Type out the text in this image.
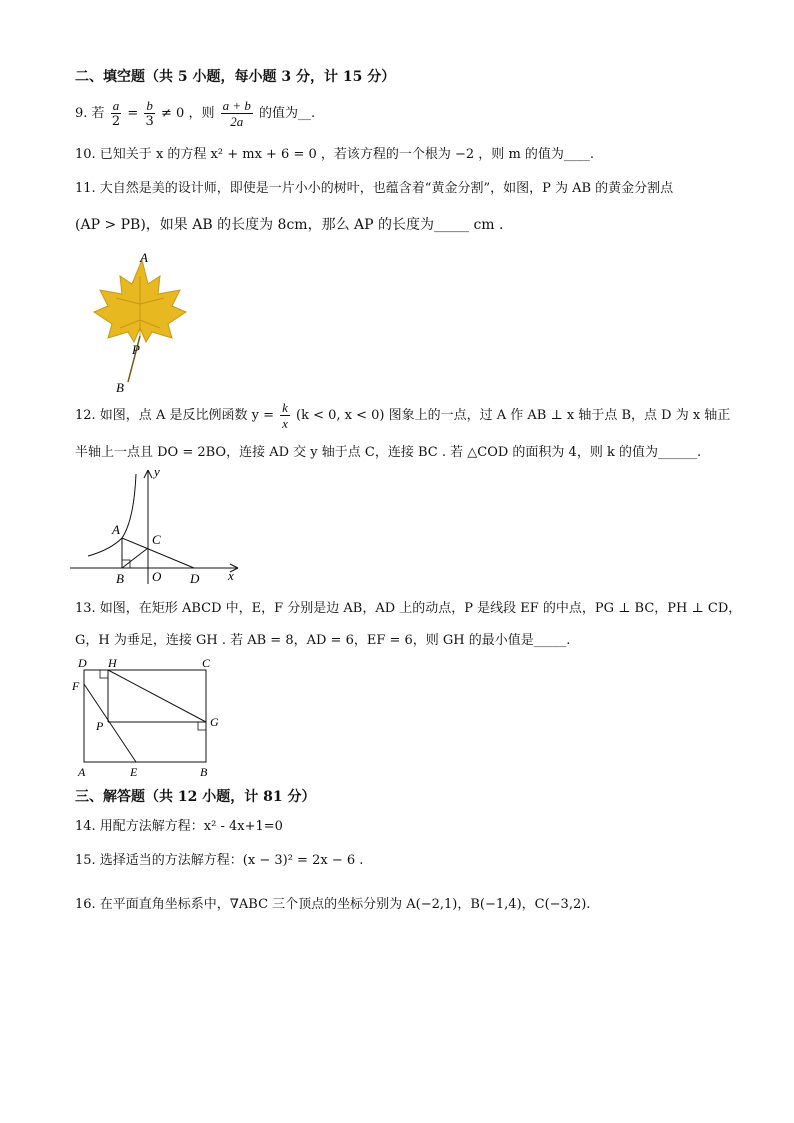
二、填空题（共 5 小题，每小题 3 分，计 15 分）
9. 若 $\frac{a}{2} = \frac{b}{3} \ne 0$ ，则 $\frac{a + b}{2a}$ 的值为__.
10. 已知关于 x 的方程 x² + mx + 6 = 0 ，若该方程的一个根为 −2 ，则 m 的值为____.
11. 大自然是美的设计师，即使是一片小小的树叶，也蕴含着“黄金分割”，如图，P 为 AB 的黄金分割点
(AP > PB)，如果 AB 的长度为 8cm，那么 AP 的长度为_____ cm .
A
P
B
12. 如图，点 A 是反比例函数 $y = \frac{k}{x} (k < 0$, x < 0) 图象上的一点，过 A 作 AB ⊥ x 轴于点 B，点 D 为 x 轴正
半轴上一点且 DO = 2BO，连接 AD 交 y 轴于点 C，连接 BC . 若 △COD 的面积为 4，则 k 的值为______.
y
A
C
B O D x
13. 如图，在矩形 ABCD 中，E，F 分别是边 AB，AD 上的动点，P 是线段 EF 的中点，PG ⊥ BC，PH ⊥ CD，
G，H 为垂足，连接 GH . 若 AB = 8，AD = 6，EF = 6，则 GH 的最小值是_____.
D H	C
F
P	G
A	E	B
三、解答题（共 12 小题，计 81 分）
14. 用配方法解方程：x² - 4x+1=0
15. 选择适当的方法解方程：(x − 3)² = 2x − 6 .
16. 在平面直角坐标系中，∇ABC 三个顶点的坐标分别为 A(−2,1)，B(−1,4)，C(−3,2).
